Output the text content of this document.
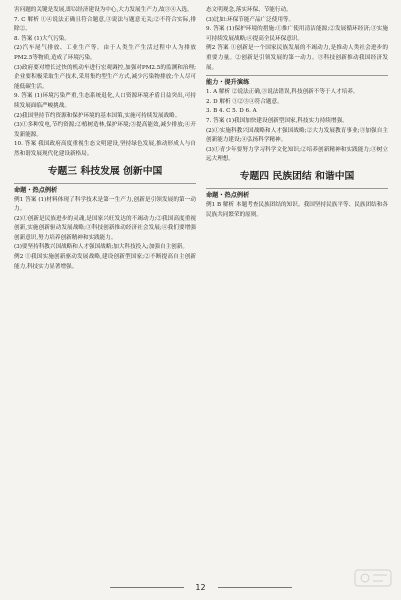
害问题的关键是发展,即以经济建设为中心,大力发展生产力,故③④入选。

7. C 解析 ①④说法正确且符合题意,③说法与题意无关;②不符合实际,排除②。

8. 答案 (1)大气污染。

(2)汽车尾气排放、工业生产等。由于人类生产生活过程中人为排放PM2.5等物质,造成了环境污染。

(3)政府要对增长过快的机动车进行宏观调控,加强对PM2.5的监测和治理;企业要积极采取生产技术,采用集约型生产方式,减少污染物排放;个人尽可能低碳生活。

9. 答案 (1)环境污染严重,生态系统退化,人口资源环境矛盾日益突出,可持续发展面临严峻挑战。

(2)我国坚持节约资源和保护环境的基本国策,实施可持续发展战略。

(3)①多种发电,节约资源;②植树造林,保护环境;③提高能效,减少排放;④开发新能源。

10. 答案 我国政府高度重视生态文明建设,坚持绿色发展,推动形成人与自然和谐发展现代化建设新格局。

专题三 科技发展 创新中国

命题・热点例析

例1 答案 (1)材料体现了科学技术是第一生产力,创新是引领发展的第一动力。

(2)①创新是民族进步的灵魂,是国家兴旺发达的不竭动力;②我国高度重视创新,实施创新驱动发展战略;③科技创新推动经济社会发展;④我们要增强创新意识,努力培养创新精神和实践能力。

(3)要坚持科教兴国战略和人才强国战略;加大科技投入;加强自主创新。

例2 ①我国实施创新驱动发展战略,建设创新型国家;②不断提高自主创新能力,科技实力显著增强。

态文明观念,落实环保、节能行动。

(3)比如:环保节能产品广泛使用等。

9. 答案 (1)保护环境的措施:①推广使用清洁能源;②发展循环经济;③实施可持续发展战略;④提高全民环保意识。

例2 答案 ①创新是一个国家民族发展的不竭动力,是推动人类社会进步的重要力量。②创新是引领发展的第一动力。③科技创新推动我国经济发展。

能力・提升演练

1. A 解析 ②说法正确,③说法错误,科技创新不等于人才培养。

2. D 解析 ①②③④符合题意。

3. B 4. C 5. D 6. A

7. 答案 (1)我国加快建设创新型国家,科技实力持续增强。

(2)①实施科教兴国战略和人才强国战略;②大力发展教育事业;③加强自主创新能力建设;④弘扬科学精神。

(3)①青少年要努力学习科学文化知识;②培养创新精神和实践能力;③树立远大理想。

专题四 民族团结 和谐中国

命题・热点例析

例1 B 解析 本题考查民族团结的知识。我国坚持民族平等、民族团结和各民族共同繁荣的原则。

12
